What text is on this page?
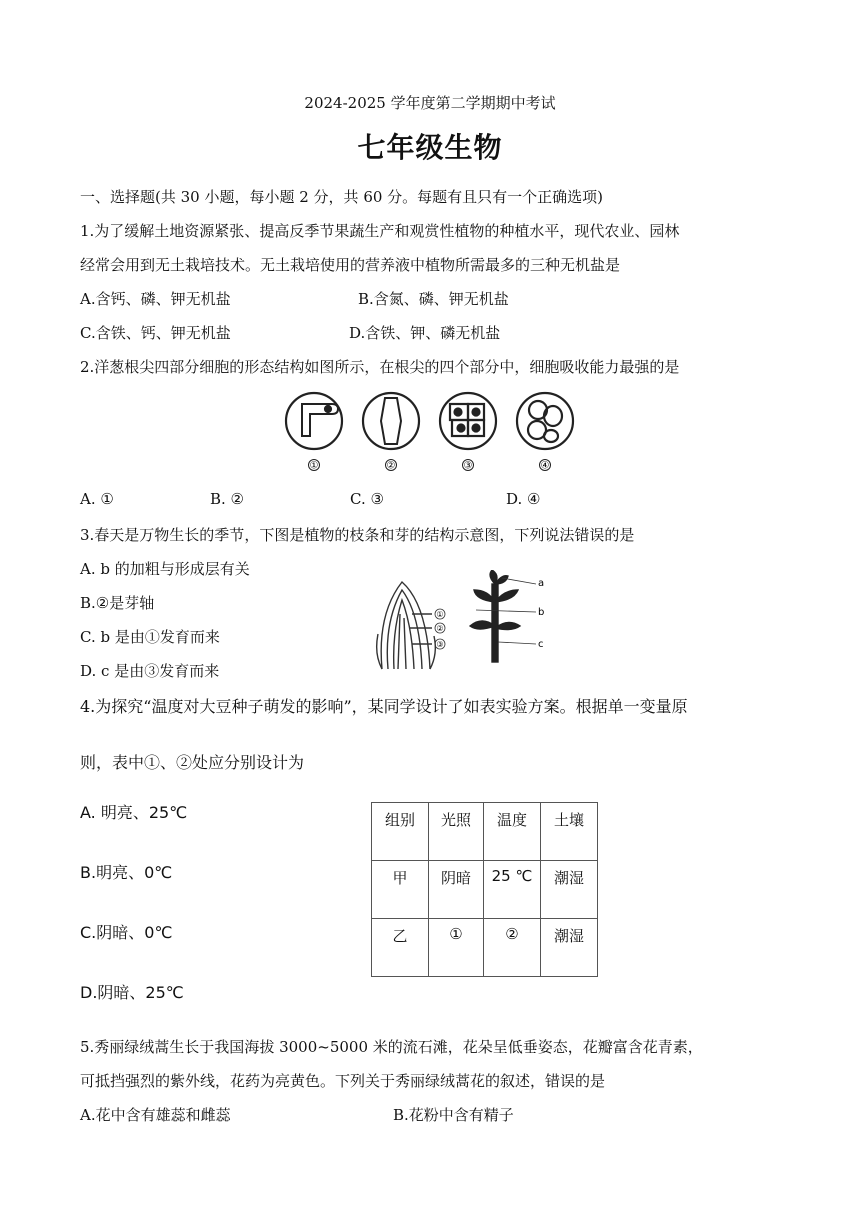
2024-2025 学年度第二学期期中考试
七年级生物
一、选择题(共 30 小题，每小题 2 分，共 60 分。每题有且只有一个正确选项)
1.为了缓解土地资源紧张、提高反季节果蔬生产和观赏性植物的种植水平，现代农业、园林
经常会用到无土栽培技术。无土栽培使用的营养液中植物所需最多的三种无机盐是
A.含钙、磷、钾无机盐	B.含氮、磷、钾无机盐
C.含铁、钙、钾无机盐	D.含铁、钾、磷无机盐
2.洋葱根尖四部分细胞的形态结构如图所示，在根尖的四个部分中，细胞吸收能力最强的是
①	②	③	④
A. ①	B. ②	C. ③	D. ④
3.春天是万物生长的季节，下图是植物的枝条和芽的结构示意图，下列说法错误的是
A. b 的加粗与形成层有关
B.②是芽轴
C. b 是由①发育而来
D. c 是由③发育而来
①
②
③
a
b
c
4.为探究“温度对大豆种子萌发的影响”，某同学设计了如表实验方案。根据单一变量原
则，表中①、②处应分别设计为
A. 明亮、25℃
B.明亮、0℃
C.阴暗、0℃
D.阴暗、25℃
组别	光照	温度	土壤
甲	阴暗	25 ℃	潮湿
乙	①	②	潮湿
5.秀丽绿绒蒿生长于我国海拔 3000~5000 米的流石滩，花朵呈低垂姿态，花瓣富含花青素，
可抵挡强烈的紫外线，花药为亮黄色。下列关于秀丽绿绒蒿花的叙述，错误的是
A.花中含有雄蕊和雌蕊	B.花粉中含有精子
